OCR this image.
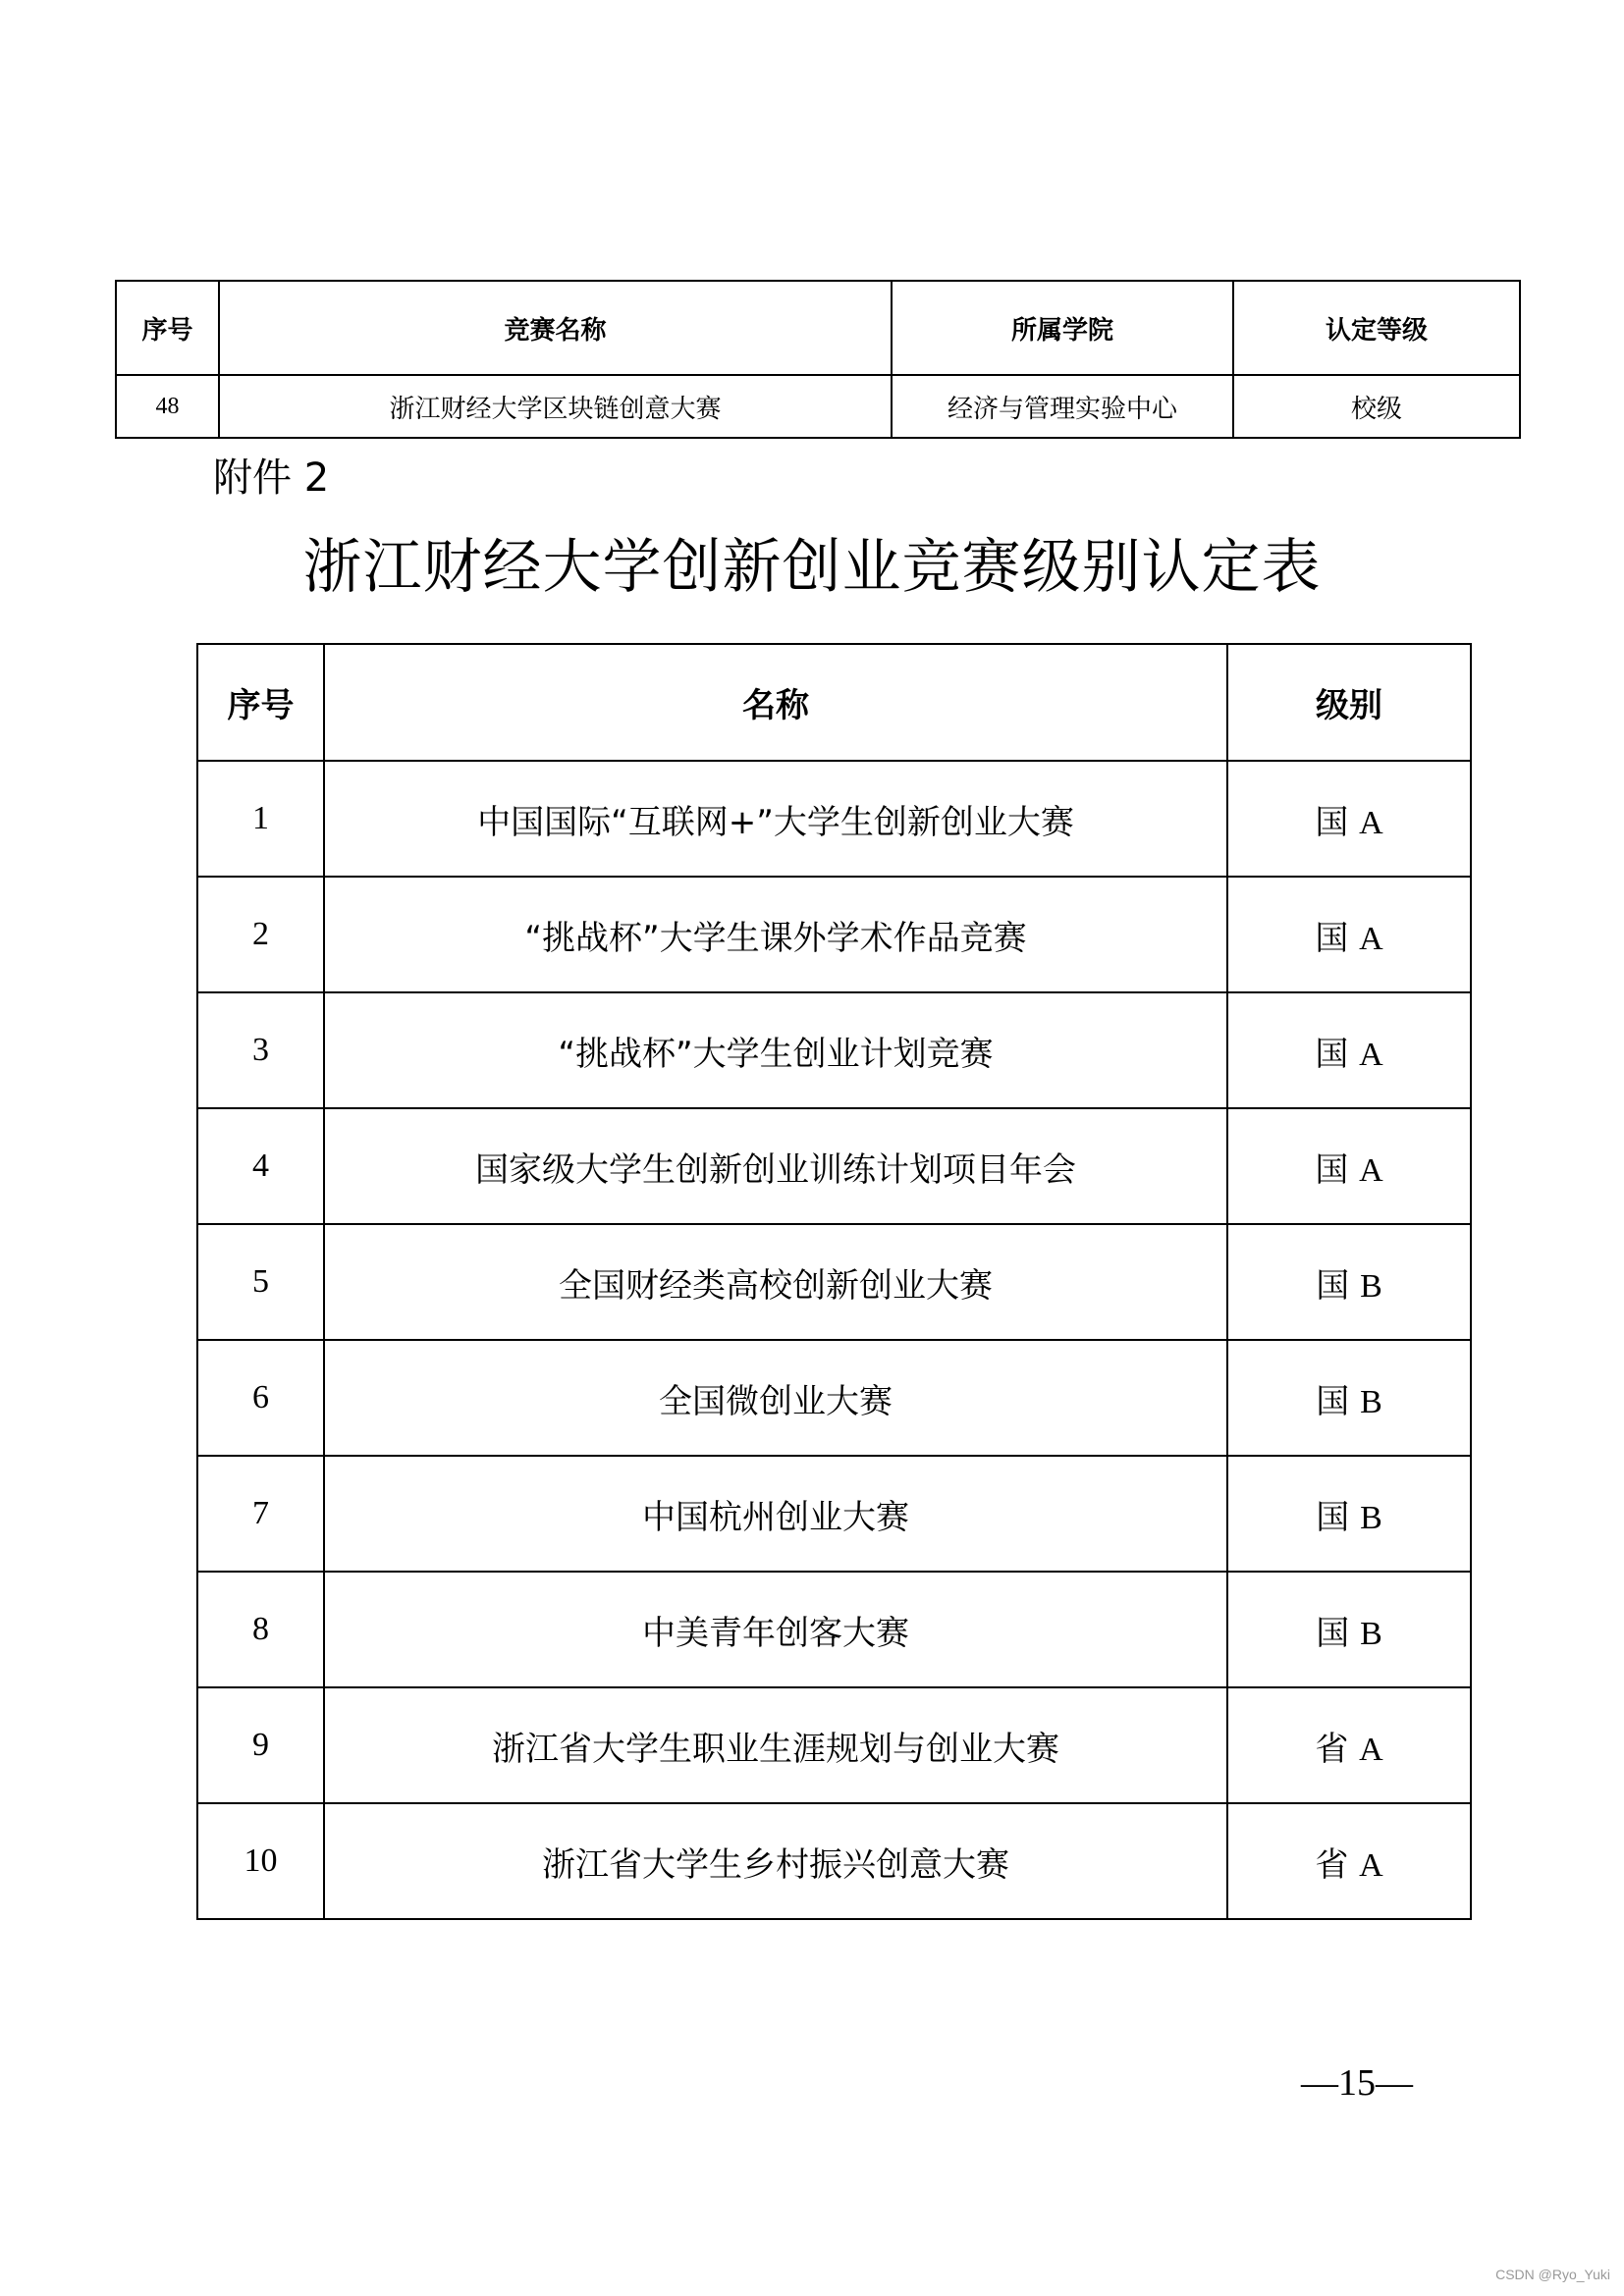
序号	竞赛名称	所属学院	认定等级
48	浙江财经大学区块链创意大赛	经济与管理实验中心	校级
附件 2
浙江财经大学创新创业竞赛级别认定表
序号	名称	级别
1	中国国际“互联网+”大学生创新创业大赛	国 A
2	“挑战杯”大学生课外学术作品竞赛	国 A
3	“挑战杯”大学生创业计划竞赛	国 A
4	国家级大学生创新创业训练计划项目年会	国 A
5	全国财经类高校创新创业大赛	国 B
6	全国微创业大赛	国 B
7	中国杭州创业大赛	国 B
8	中美青年创客大赛	国 B
9	浙江省大学生职业生涯规划与创业大赛	省 A
10	浙江省大学生乡村振兴创意大赛	省 A
—15—
CSDN @Ryo_Yuki
